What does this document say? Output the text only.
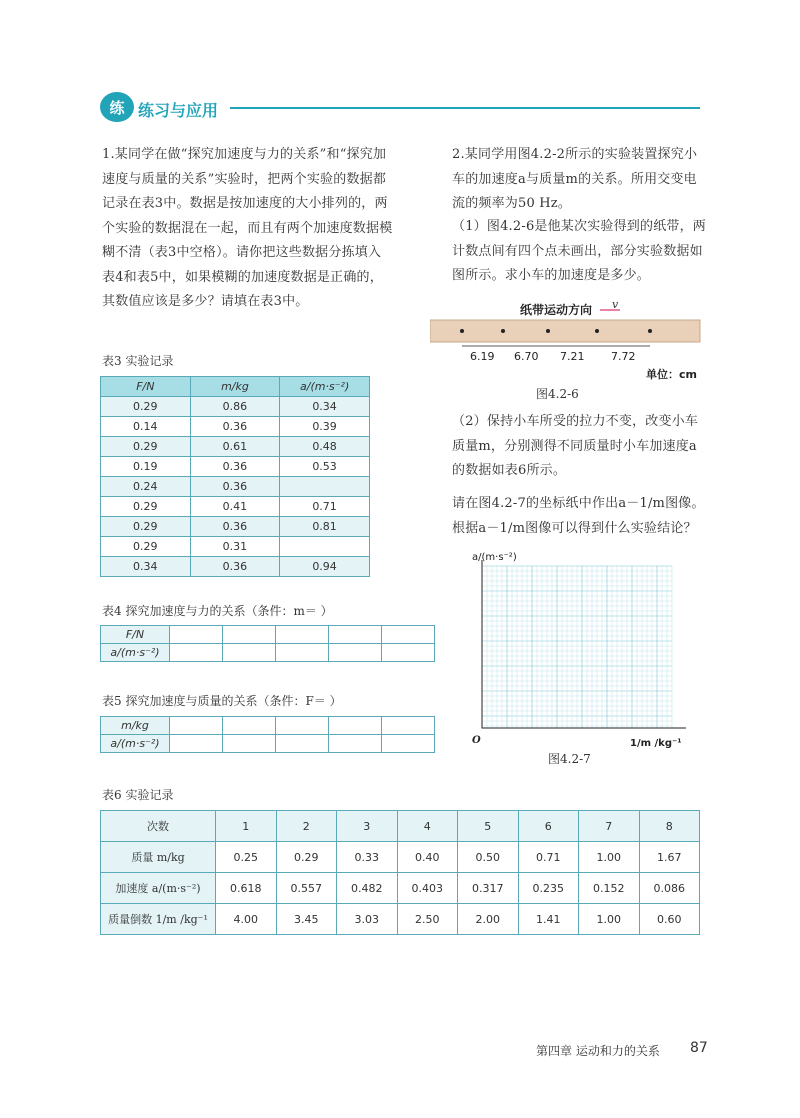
练 练习与应用
1.某同学在做“探究加速度与力的关系”和“探究加速度与质量的关系”实验时，把两个实验的数据都记录在表3中。数据是按加速度的大小排列的，两个实验的数据混在一起，而且有两个加速度数据模糊不清（表3中空格）。请你把这些数据分拣填入表4和表5中，如果模糊的加速度数据是正确的，其数值应该是多少？请填在表3中。
表3 实验记录
F/N	m/kg	a/(m·s⁻²)
0.29	0.86	0.34
0.14	0.36	0.39
0.29	0.61	0.48
0.19	0.36	0.53
0.24	0.36	
0.29	0.41	0.71
0.29	0.36	0.81
0.29	0.31	
0.34	0.36	0.94
表4 探究加速度与力的关系（条件：m＝ ）
F/N					
a/(m·s⁻²)					
表5 探究加速度与质量的关系（条件：F＝ ）
m/kg					
a/(m·s⁻²)					
2.某同学用图4.2-2所示的实验装置探究小车的加速度a与质量m的关系。所用交变电流的频率为50 Hz。
（1）图4.2-6是他某次实验得到的纸带，两计数点间有四个点未画出，部分实验数据如图所示。求小车的加速度是多少。
纸带运动方向 v
6.19 6.70 7.21 7.72
单位：cm
图4.2-6
（2）保持小车所受的拉力不变，改变小车质量m，分别测得不同质量时小车加速度a的数据如表6所示。
请在图4.2-7的坐标纸中作出a－1/m图像。根据a－1/m图像可以得到什么实验结论？
a/(m·s⁻²)
O	1/m /kg⁻¹
图4.2-7
表6 实验记录
次数	1	2	3	4	5	6	7	8
质量 m/kg	0.25	0.29	0.33	0.40	0.50	0.71	1.00	1.67
加速度 a/(m·s⁻²)	0.618	0.557	0.482	0.403	0.317	0.235	0.152	0.086
质量倒数 1/m /kg⁻¹	4.00	3.45	3.03	2.50	2.00	1.41	1.00	0.60
第四章 运动和力的关系 87
